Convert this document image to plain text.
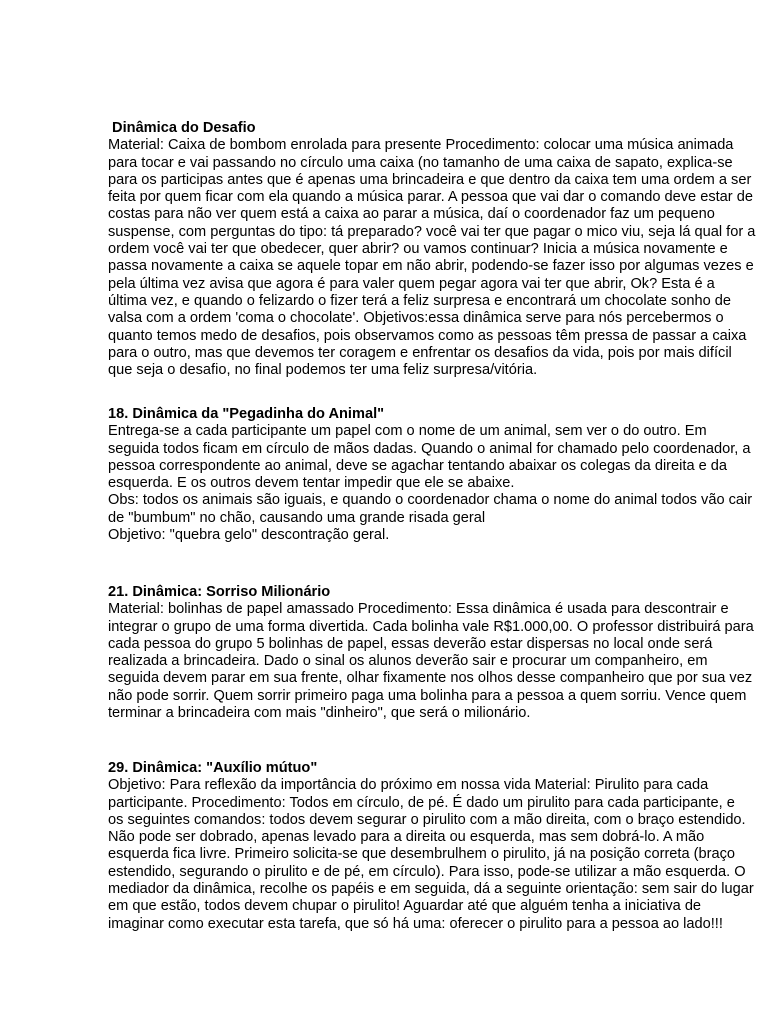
Dinâmica do Desafio
Material: Caixa de bombom enrolada para presente Procedimento: colocar uma música animada
para tocar e vai passando no círculo uma caixa (no tamanho de uma caixa de sapato, explica-se
para os participas antes que é apenas uma brincadeira e que dentro da caixa tem uma ordem a ser
feita por quem ficar com ela quando a música parar. A pessoa que vai dar o comando deve estar de
costas para não ver quem está a caixa ao parar a música, daí o coordenador faz um pequeno
suspense, com perguntas do tipo: tá preparado? você vai ter que pagar o mico viu, seja lá qual for a
ordem você vai ter que obedecer, quer abrir? ou vamos continuar? Inicia a música novamente e
passa novamente a caixa se aquele topar em não abrir, podendo-se fazer isso por algumas vezes e
pela última vez avisa que agora é para valer quem pegar agora vai ter que abrir, Ok? Esta é a
última vez, e quando o felizardo o fizer terá a feliz surpresa e encontrará um chocolate sonho de
valsa com a ordem 'coma o chocolate'. Objetivos:essa dinâmica serve para nós percebermos o
quanto temos medo de desafios, pois observamos como as pessoas têm pressa de passar a caixa
para o outro, mas que devemos ter coragem e enfrentar os desafios da vida, pois por mais difícil
que seja o desafio, no final podemos ter uma feliz surpresa/vitória.
18. Dinâmica da "Pegadinha do Animal"
Entrega-se a cada participante um papel com o nome de um animal, sem ver o do outro. Em
seguida todos ficam em círculo de mãos dadas. Quando o animal for chamado pelo coordenador, a
pessoa correspondente ao animal, deve se agachar tentando abaixar os colegas da direita e da
esquerda. E os outros devem tentar impedir que ele se abaixe.
Obs: todos os animais são iguais, e quando o coordenador chama o nome do animal todos vão cair
de "bumbum" no chão, causando uma grande risada geral
Objetivo: "quebra gelo" descontração geral.
21. Dinâmica: Sorriso Milionário
Material: bolinhas de papel amassado Procedimento: Essa dinâmica é usada para descontrair e
integrar o grupo de uma forma divertida. Cada bolinha vale R$1.000,00. O professor distribuirá para
cada pessoa do grupo 5 bolinhas de papel, essas deverão estar dispersas no local onde será
realizada a brincadeira. Dado o sinal os alunos deverão sair e procurar um companheiro, em
seguida devem parar em sua frente, olhar fixamente nos olhos desse companheiro que por sua vez
não pode sorrir. Quem sorrir primeiro paga uma bolinha para a pessoa a quem sorriu. Vence quem
terminar a brincadeira com mais "dinheiro", que será o milionário.
29. Dinâmica: "Auxílio mútuo"
Objetivo: Para reflexão da importância do próximo em nossa vida Material: Pirulito para cada
participante. Procedimento: Todos em círculo, de pé. É dado um pirulito para cada participante, e
os seguintes comandos: todos devem segurar o pirulito com a mão direita, com o braço estendido.
Não pode ser dobrado, apenas levado para a direita ou esquerda, mas sem dobrá-lo. A mão
esquerda fica livre. Primeiro solicita-se que desembrulhem o pirulito, já na posição correta (braço
estendido, segurando o pirulito e de pé, em círculo). Para isso, pode-se utilizar a mão esquerda. O
mediador da dinâmica, recolhe os papéis e em seguida, dá a seguinte orientação: sem sair do lugar
em que estão, todos devem chupar o pirulito! Aguardar até que alguém tenha a iniciativa de
imaginar como executar esta tarefa, que só há uma: oferecer o pirulito para a pessoa ao lado!!!
